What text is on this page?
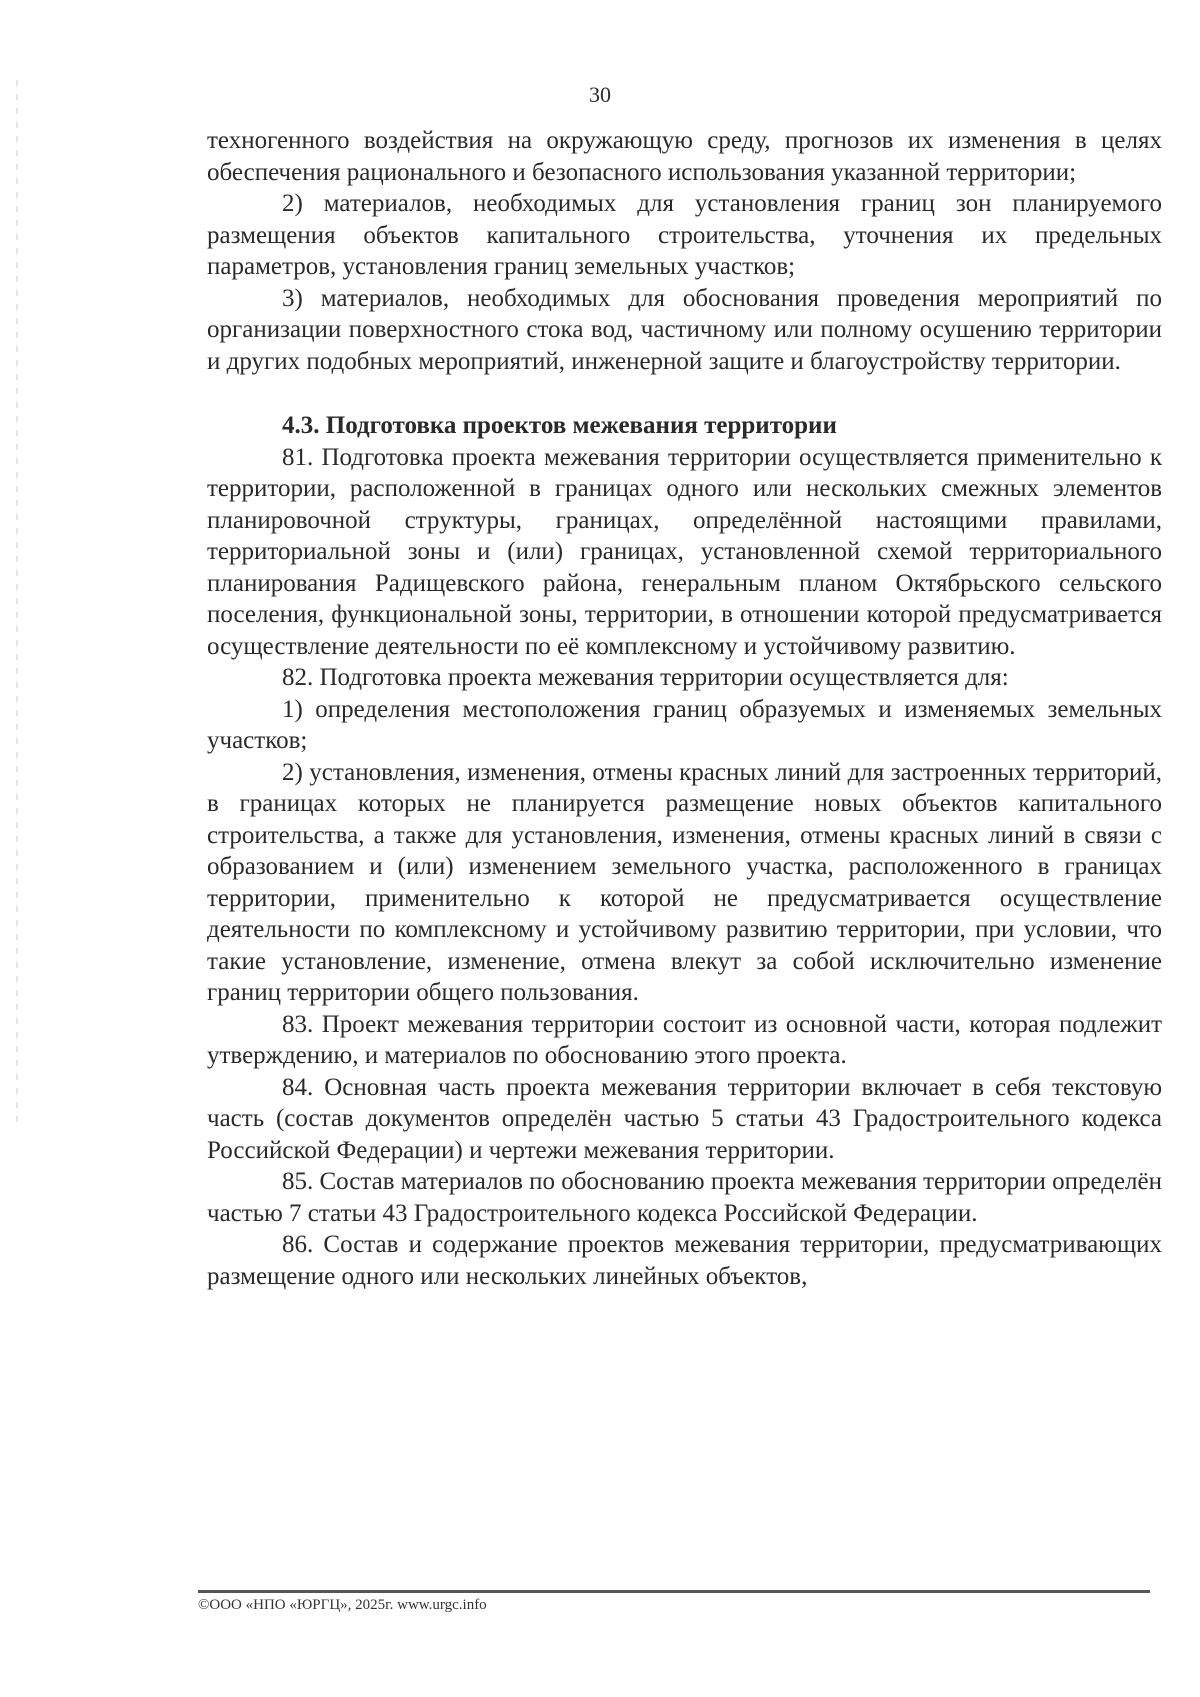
30

техногенного воздействия на окружающую среду, прогнозов их изменения в целях обеспечения рационального и безопасного использования указанной территории;

2) материалов, необходимых для установления границ зон планируемого размещения объектов капитального строительства, уточнения их предельных параметров, установления границ земельных участков;

3) материалов, необходимых для обоснования проведения мероприятий по организации поверхностного стока вод, частичному или полному осушению территории и других подобных мероприятий, инженерной защите и благоустройству территории.

4.3. Подготовка проектов межевания территории

81. Подготовка проекта межевания территории осуществляется применительно к территории, расположенной в границах одного или нескольких смежных элементов планировочной структуры, границах, определённой настоящими правилами, территориальной зоны и (или) границах, установленной схемой территориального планирования Радищевского района, генеральным планом Октябрьского сельского поселения, функциональной зоны, территории, в отношении которой предусматривается осуществление деятельности по её комплексному и устойчивому развитию.

82. Подготовка проекта межевания территории осуществляется для:

1) определения местоположения границ образуемых и изменяемых земельных участков;

2) установления, изменения, отмены красных линий для застроенных территорий, в границах которых не планируется размещение новых объектов капитального строительства, а также для установления, изменения, отмены красных линий в связи с образованием и (или) изменением земельного участка, расположенного в границах территории, применительно к которой не предусматривается осуществление деятельности по комплексному и устойчивому развитию территории, при условии, что такие установление, изменение, отмена влекут за собой исключительно изменение границ территории общего пользования.

83. Проект межевания территории состоит из основной части, которая подлежит утверждению, и материалов по обоснованию этого проекта.

84. Основная часть проекта межевания территории включает в себя текстовую часть (состав документов определён частью 5 статьи 43 Градостроительного кодекса Российской Федерации) и чертежи межевания территории.

85. Состав материалов по обоснованию проекта межевания территории определён частью 7 статьи 43 Градостроительного кодекса Российской Федерации.

86. Состав и содержание проектов межевания территории, предусматривающих размещение одного или нескольких линейных объектов,

©ООО «НПО «ЮРГЦ», 2025г. www.urgc.info
